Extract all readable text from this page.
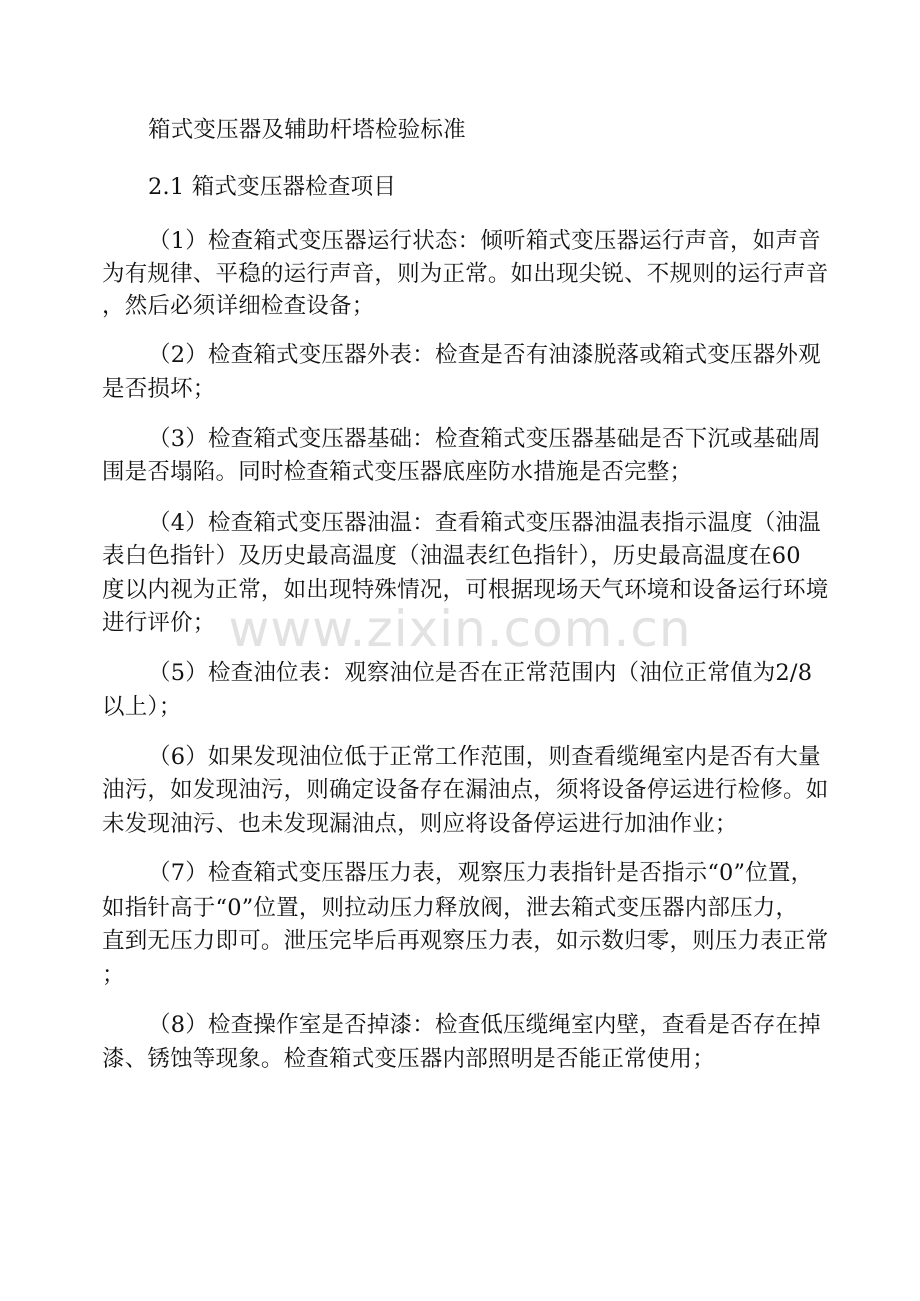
www.zixin.com.cn
箱式变压器及辅助杆塔检验标准
2.1 箱式变压器检查项目
（1）检查箱式变压器运行状态：倾听箱式变压器运行声音，如声音
为有规律、平稳的运行声音，则为正常。如出现尖锐、不规则的运行声音
，然后必须详细检查设备；
（2）检查箱式变压器外表：检查是否有油漆脱落或箱式变压器外观
是否损坏；
（3）检查箱式变压器基础：检查箱式变压器基础是否下沉或基础周
围是否塌陷。同时检查箱式变压器底座防水措施是否完整；
（4）检查箱式变压器油温：查看箱式变压器油温表指示温度（油温
表白色指针）及历史最高温度（油温表红色指针），历史最高温度在60
度以内视为正常，如出现特殊情况，可根据现场天气环境和设备运行环境
进行评价；
（5）检查油位表：观察油位是否在正常范围内（油位正常值为2/8
以上）；
（6）如果发现油位低于正常工作范围，则查看缆绳室内是否有大量
油污，如发现油污，则确定设备存在漏油点，须将设备停运进行检修。如
未发现油污、也未发现漏油点，则应将设备停运进行加油作业；
（7）检查箱式变压器压力表，观察压力表指针是否指示“0”位置，
如指针高于“0”位置，则拉动压力释放阀，泄去箱式变压器内部压力，
直到无压力即可。泄压完毕后再观察压力表，如示数归零，则压力表正常
；
（8）检查操作室是否掉漆：检查低压缆绳室内壁，查看是否存在掉
漆、锈蚀等现象。检查箱式变压器内部照明是否能正常使用；
